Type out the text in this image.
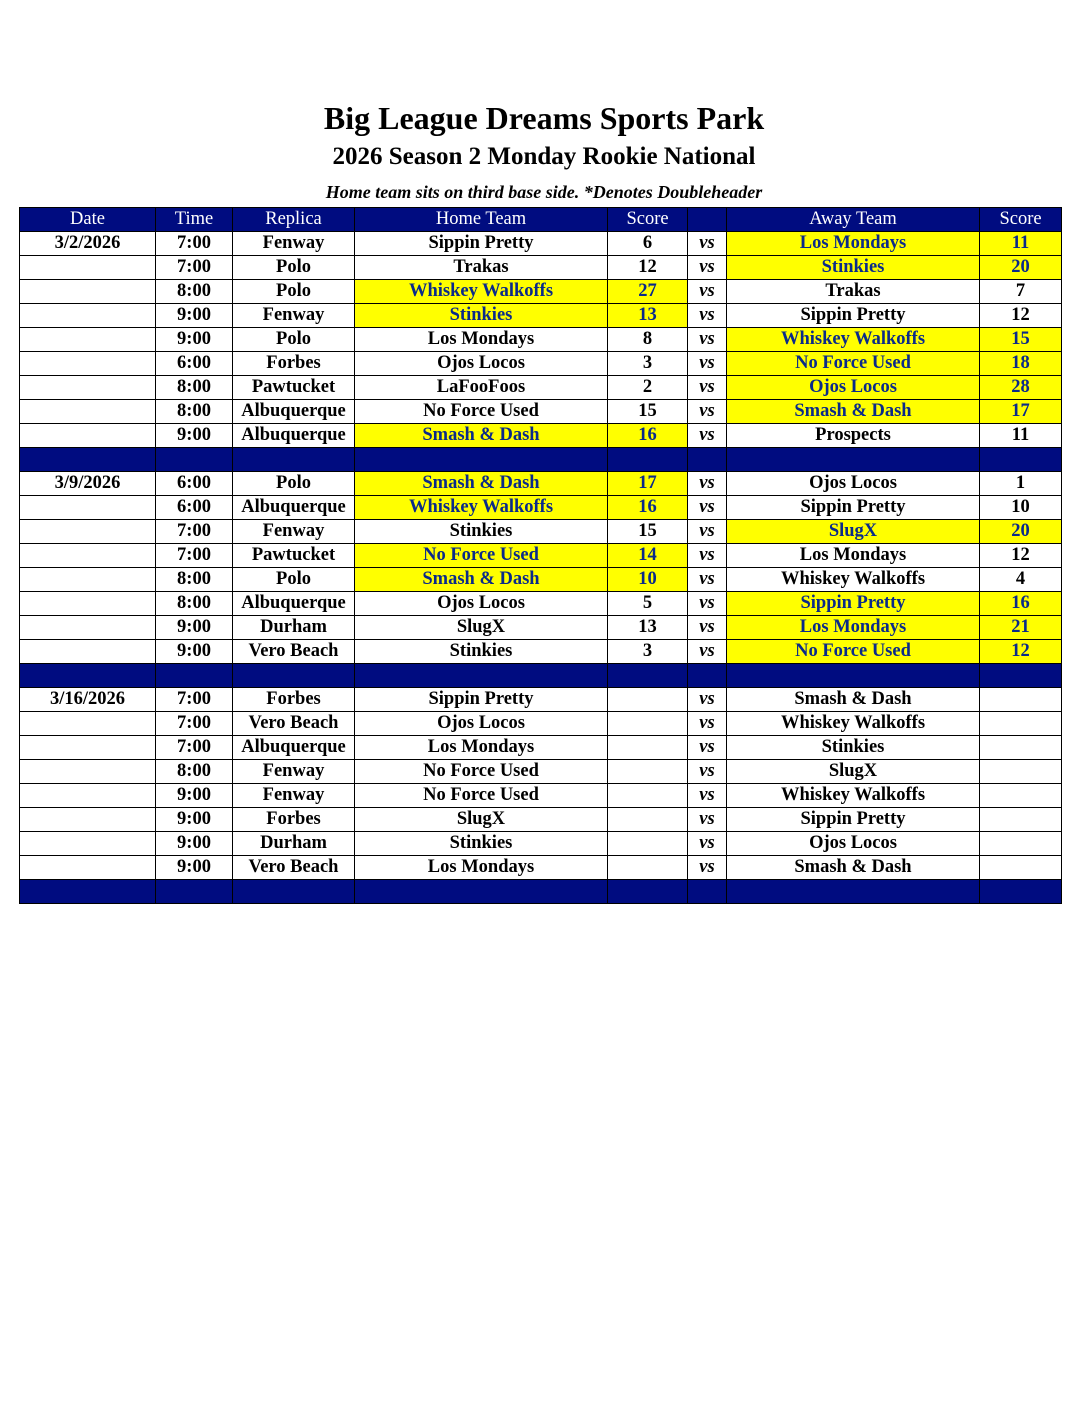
Big League Dreams Sports Park
2026 Season 2 Monday Rookie National
Home team sits on third base side. *Denotes Doubleheader
Date	Time	Replica	Home Team	Score		Away Team	Score
3/2/2026	7:00	Fenway	Sippin Pretty	6	vs	Los Mondays	11
	7:00	Polo	Trakas	12	vs	Stinkies	20
	8:00	Polo	Whiskey Walkoffs	27	vs	Trakas	7
	9:00	Fenway	Stinkies	13	vs	Sippin Pretty	12
	9:00	Polo	Los Mondays	8	vs	Whiskey Walkoffs	15
	6:00	Forbes	Ojos Locos	3	vs	No Force Used	18
	8:00	Pawtucket	LaFooFoos	2	vs	Ojos Locos	28
	8:00	Albuquerque	No Force Used	15	vs	Smash & Dash	17
	9:00	Albuquerque	Smash & Dash	16	vs	Prospects	11

3/9/2026	6:00	Polo	Smash & Dash	17	vs	Ojos Locos	1
	6:00	Albuquerque	Whiskey Walkoffs	16	vs	Sippin Pretty	10
	7:00	Fenway	Stinkies	15	vs	SlugX	20
	7:00	Pawtucket	No Force Used	14	vs	Los Mondays	12
	8:00	Polo	Smash & Dash	10	vs	Whiskey Walkoffs	4
	8:00	Albuquerque	Ojos Locos	5	vs	Sippin Pretty	16
	9:00	Durham	SlugX	13	vs	Los Mondays	21
	9:00	Vero Beach	Stinkies	3	vs	No Force Used	12

3/16/2026	7:00	Forbes	Sippin Pretty		vs	Smash & Dash	
	7:00	Vero Beach	Ojos Locos		vs	Whiskey Walkoffs	
	7:00	Albuquerque	Los Mondays		vs	Stinkies	
	8:00	Fenway	No Force Used		vs	SlugX	
	9:00	Fenway	No Force Used		vs	Whiskey Walkoffs	
	9:00	Forbes	SlugX		vs	Sippin Pretty	
	9:00	Durham	Stinkies		vs	Ojos Locos	
	9:00	Vero Beach	Los Mondays		vs	Smash & Dash	
